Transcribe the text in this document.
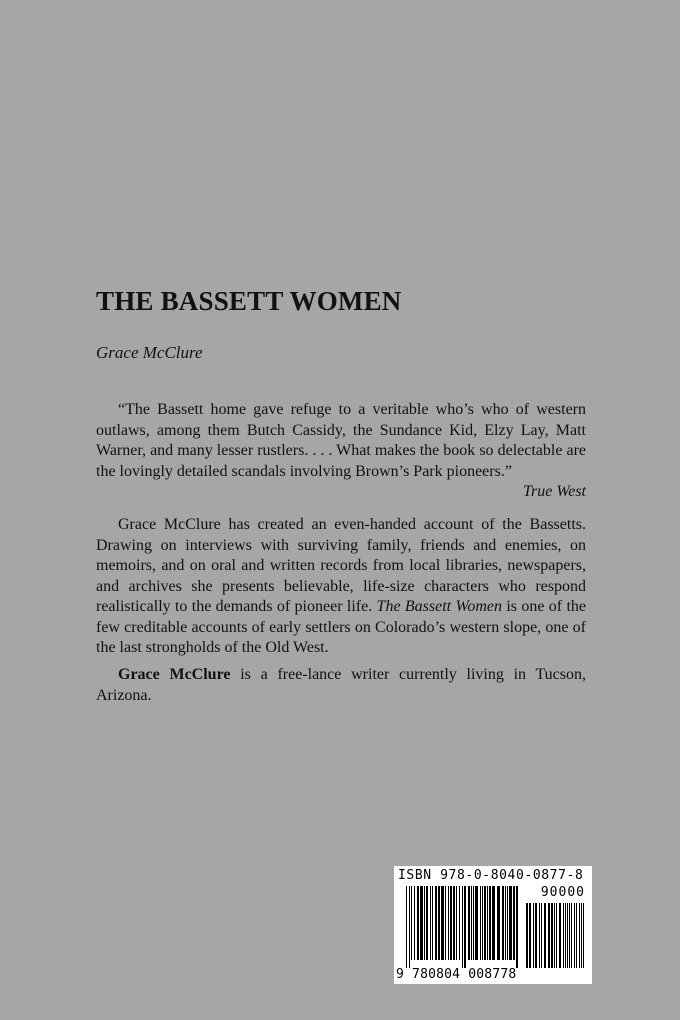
THE BASSETT WOMEN

Grace McClure

“The Bassett home gave refuge to a veritable who’s who of western outlaws, among them Butch Cassidy, the Sundance Kid, Elzy Lay, Matt Warner, and many lesser rustlers. . . . What makes the book so delectable are the lovingly detailed scandals involving Brown’s Park pioneers.”

True West

Grace McClure has created an even-handed account of the Bassetts. Drawing on interviews with surviving family, friends and enemies, on memoirs, and on oral and written records from local libraries, newspapers, and archives she presents believable, life-size characters who respond realistically to the demands of pioneer life. The Bassett Women is one of the few creditable accounts of early settlers on Colorado’s western slope, one of the last strongholds of the Old West.

Grace McClure is a free-lance writer currently living in Tucson, Arizona.

ISBN 978-0-8040-0877-8
90000
9 780804 008778
